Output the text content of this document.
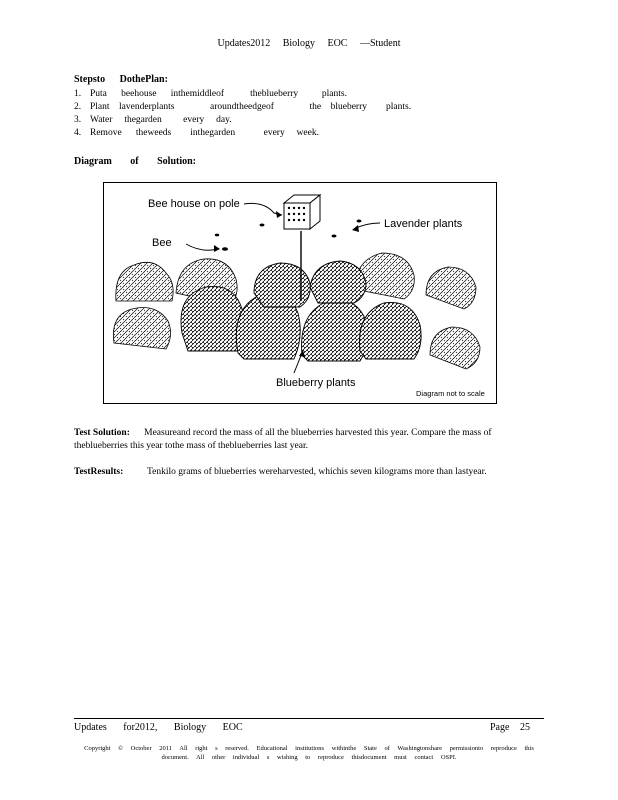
Updates2012 Biology EOC —Student
Stepsto DothePlan:
1. Puta      beehouse      inthemiddleof           theblueberry          plants.
2. Plant    lavenderplants               aroundtheedgeof               the    blueberry        plants.
3. Water     thegarden         every     day.
4. Remove      theweeds        inthegarden            every     week.
Diagram of Solution:
Bee house on pole
Bee
Lavender plants
Blueberry plants
Diagram not to scale
Test Solution: Measureand record the mass of all the blueberries harvested this year. Compare the mass of theblueberries this year tothe mass of theblueberries last year.
TestResults:	Tenkilo grams of blueberries wereharvested, whichis seven kilograms more than lastyear.
Updates for2012, Biology EOC	Page 25
Copyright © October 2011 All right s reserved. Educational institutions withinthe State of Washingtonshare permissionto reproduce this
document. All other individual s wishing to reproduce thisdocument must contact OSPI.
